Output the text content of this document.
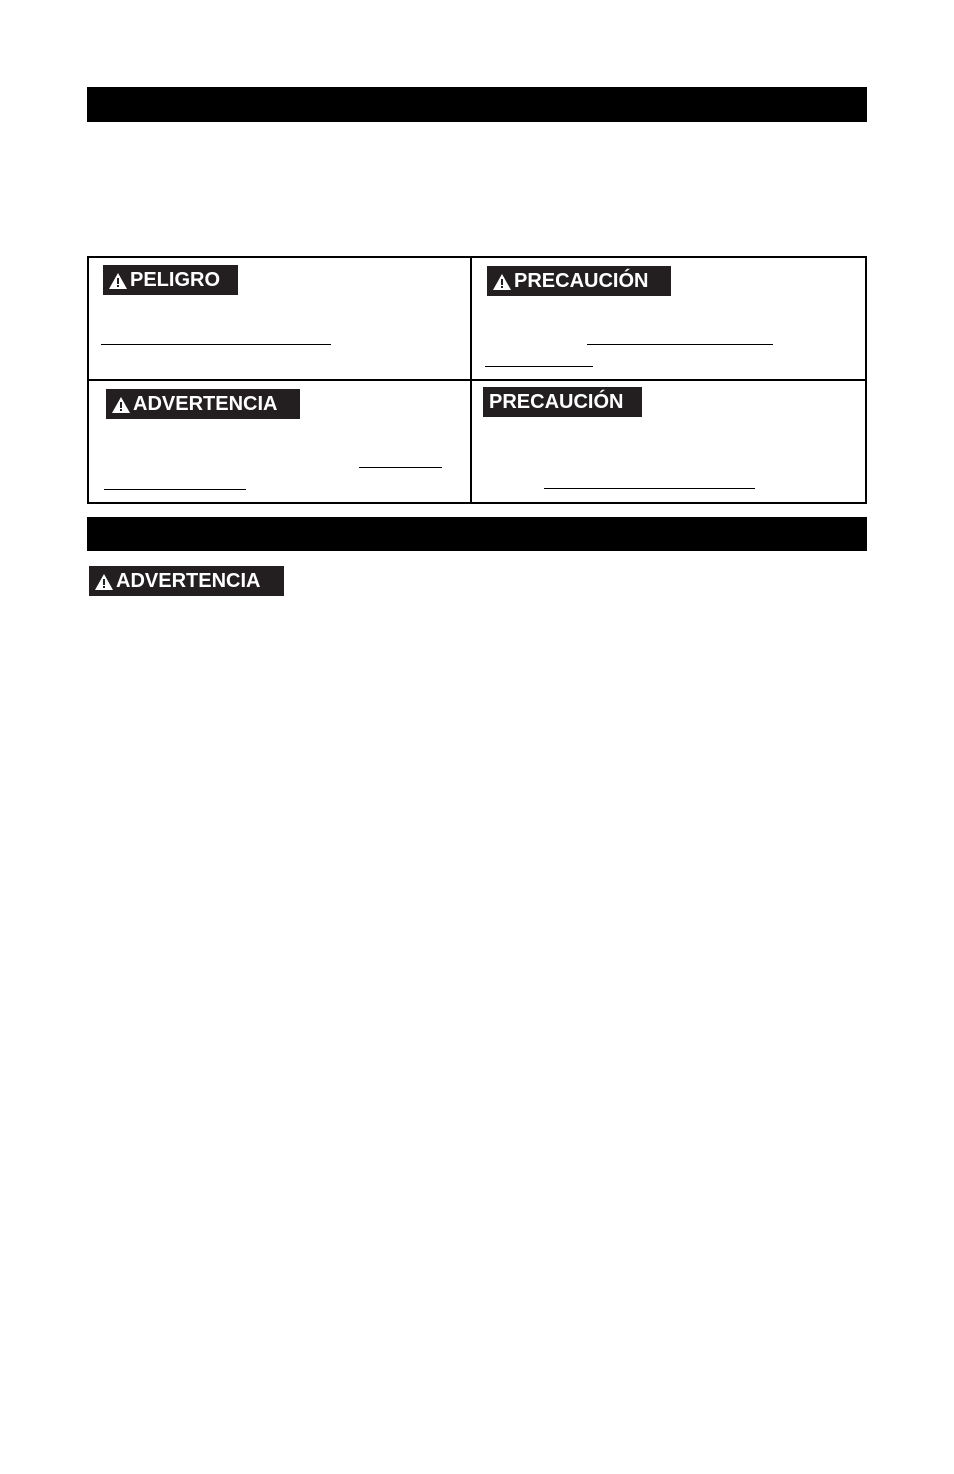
PELIGRO	PRECAUCIÓN
ADVERTENCIA	PRECAUCIÓN
ADVERTENCIA
